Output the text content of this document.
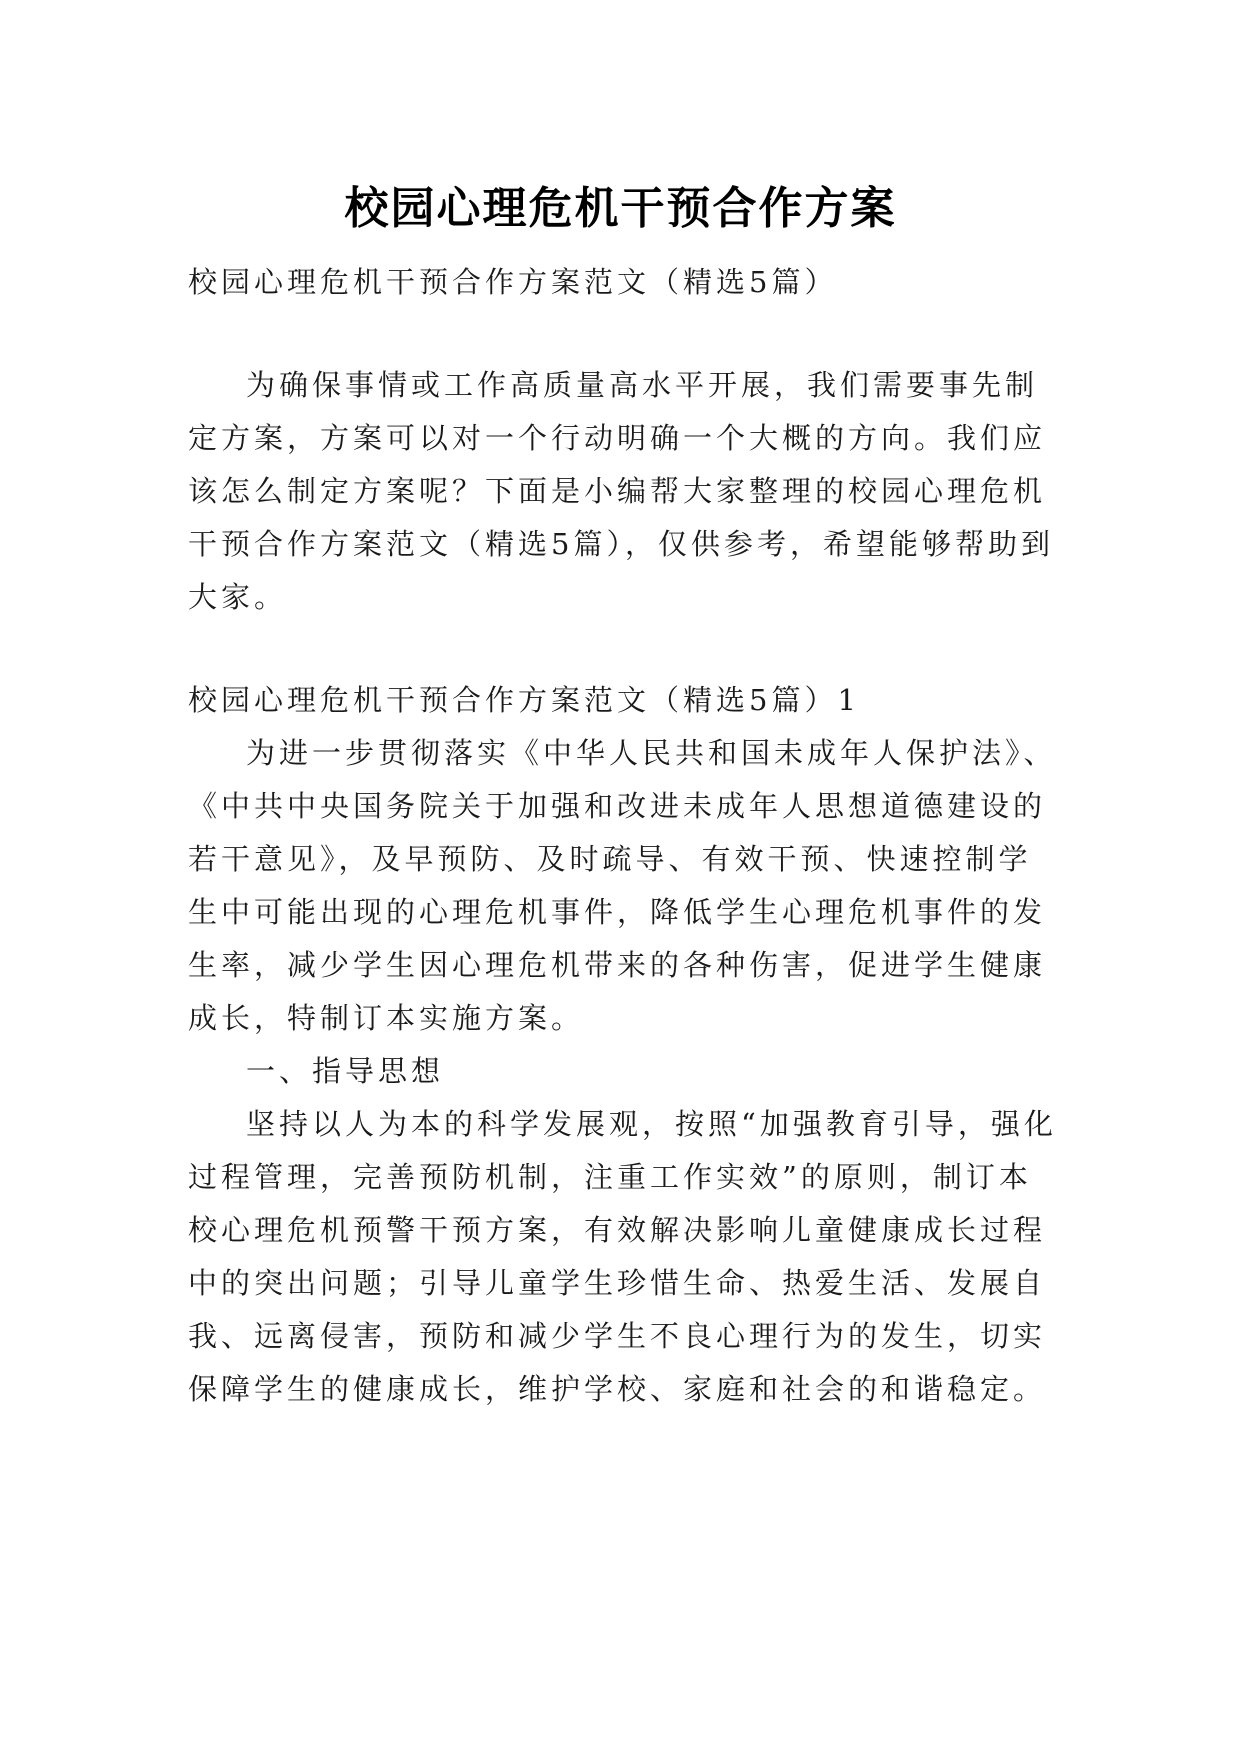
校园心理危机干预合作方案

校园心理危机干预合作方案范文（精选5篇）

为确保事情或工作高质量高水平开展，我们需要事先制定方案，方案可以对一个行动明确一个大概的方向。我们应该怎么制定方案呢？下面是小编帮大家整理的校园心理危机干预合作方案范文（精选5篇），仅供参考，希望能够帮助到大家。

校园心理危机干预合作方案范文（精选5篇）1

为进一步贯彻落实《中华人民共和国未成年人保护法》、《中共中央国务院关于加强和改进未成年人思想道德建设的若干意见》，及早预防、及时疏导、有效干预、快速控制学生中可能出现的心理危机事件，降低学生心理危机事件的发生率，减少学生因心理危机带来的各种伤害，促进学生健康成长，特制订本实施方案。

一、指导思想

坚持以人为本的科学发展观，按照“加强教育引导，强化过程管理，完善预防机制，注重工作实效”的原则，制订本校心理危机预警干预方案，有效解决影响儿童健康成长过程中的突出问题；引导儿童学生珍惜生命、热爱生活、发展自我、远离侵害，预防和减少学生不良心理行为的发生，切实保障学生的健康成长，维护学校、家庭和社会的和谐稳定。
